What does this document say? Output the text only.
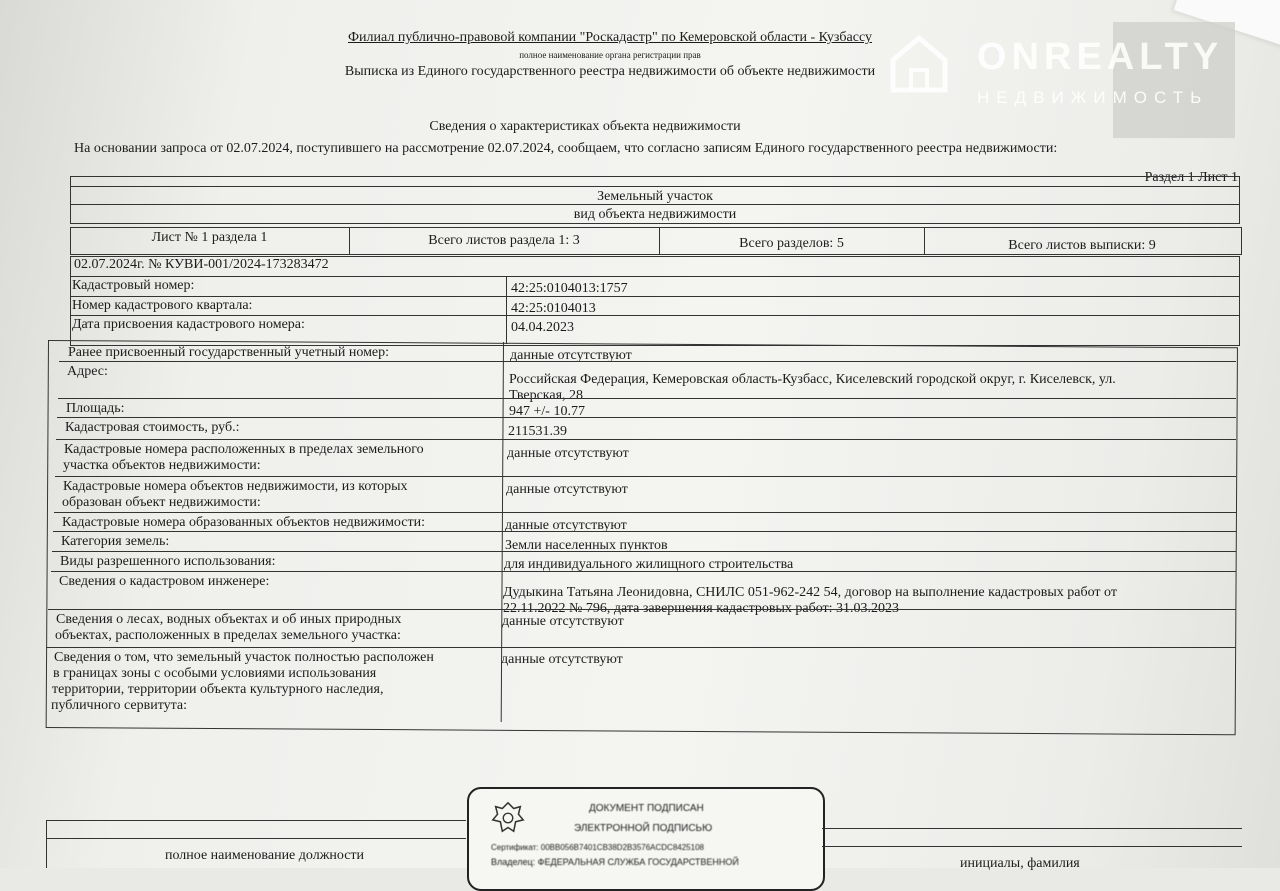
ONREALTY
НЕДВИЖИМОСТЬ
Филиал публично-правовой компании "Роскадастр" по Кемеровской области - Кузбассу
полное наименование органа регистрации прав
Выписка из Единого государственного реестра недвижимости об объекте недвижимости
Сведения о характеристиках объекта недвижимости
На основании запроса от 02.07.2024, поступившего на рассмотрение 02.07.2024, сообщаем, что согласно записям Единого государственного реестра недвижимости:
Раздел 1 Лист 1
Земельный участок
вид объекта недвижимости
Лист № 1 раздела 1	Всего листов раздела 1: 3	Всего разделов: 5	Всего листов выписки: 9
02.07.2024г. № КУВИ-001/2024-173283472
Кадастровый номер:	42:25:0104013:1757
Номер кадастрового квартала:	42:25:0104013
Дата присвоения кадастрового номера:	04.04.2023
Ранее присвоенный государственный учетный номер:	данные отсутствуют
Адрес:
Российская Федерация, Кемеровская область-Кузбасс, Киселевский городской округ, г. Киселевск, ул.
Тверская, 28
Площадь:	947 +/- 10.77
Кадастровая стоимость, руб.:	211531.39
Кадастровые номера расположенных в пределах земельного
участка объектов недвижимости:
данные отсутствуют
Кадастровые номера объектов недвижимости, из которых
образован объект недвижимости:
данные отсутствуют
Кадастровые номера образованных объектов недвижимости:	данные отсутствуют
Категория земель:	Земли населенных пунктов
Виды разрешенного использования:	для индивидуального жилищного строительства
Сведения о кадастровом инженере:
Дудыкина Татьяна Леонидовна, СНИЛС 051-962-242 54, договор на выполнение кадастровых работ от
22.11.2022 № 796, дата завершения кадастровых работ: 31.03.2023
Сведения о лесах, водных объектах и об иных природных
объектах, расположенных в пределах земельного участка:
данные отсутствуют
Сведения о том, что земельный участок полностью расположен
в границах зоны с особыми условиями использования
территории, территории объекта культурного наследия,
публичного сервитута:
данные отсутствуют
ДОКУМЕНТ ПОДПИСАН
ЭЛЕКТРОННОЙ ПОДПИСЬЮ
Сертификат: 00BB056B7401CB38D2B3576ACDC8425108
Владелец: ФЕДЕРАЛЬНАЯ СЛУЖБА ГОСУДАРСТВЕННОЙ
полное наименование должности
инициалы, фамилия
